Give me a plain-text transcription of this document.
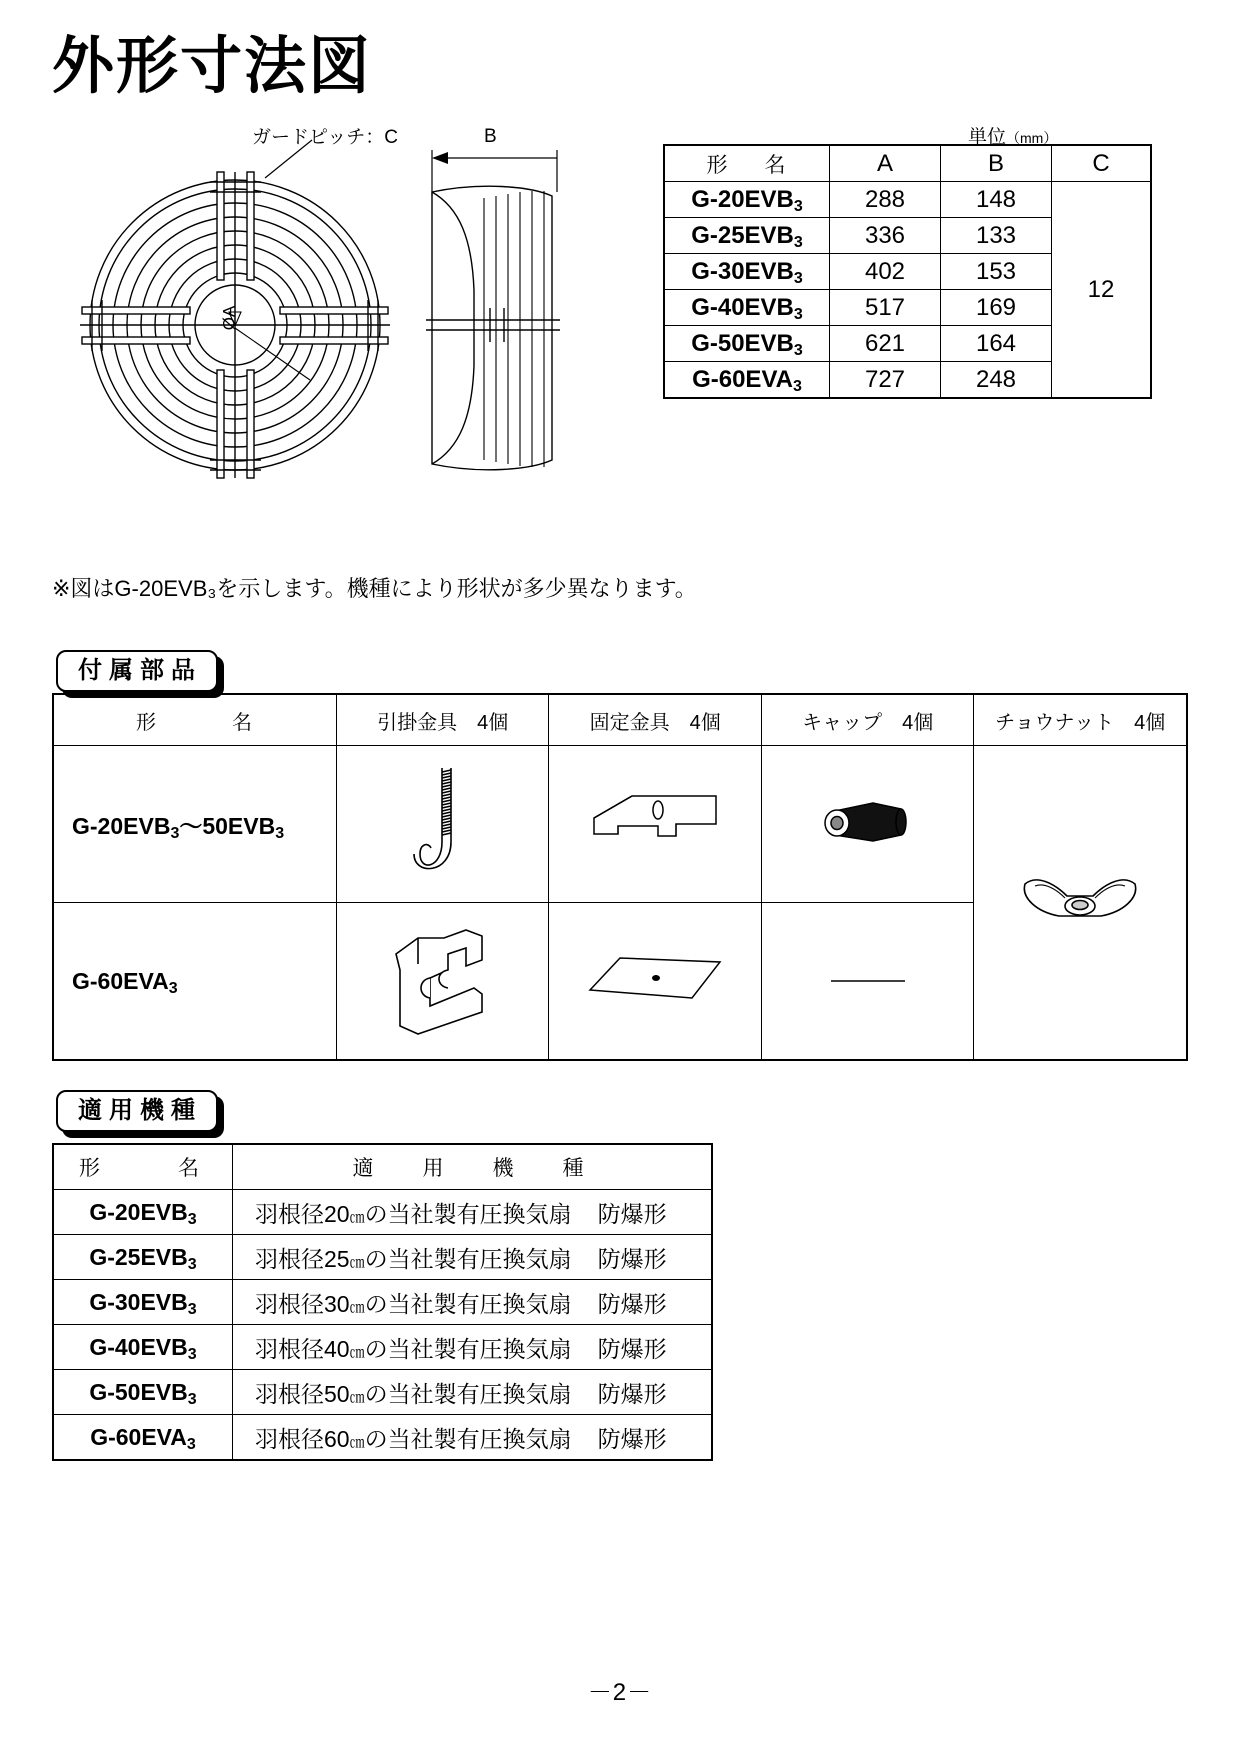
外形寸法図
単位（mm）
形　名	A	B	C
G-20EVB3	288	148	12
G-25EVB3	336	133	
G-30EVB3	402	153	
G-40EVB3	517	169	
G-50EVB3	621	164	
G-60EVA3	727	248	
ガードピッチ：C	B
ØA
※図はG-20EVB₃を示します。機種により形状が多少異なります。
付属部品
形　　名	引掛金具　4個	固定金具　4個	キャップ　4個	チョウナット　4個
G-20EVB3～50EVB3	

G-60EVA3	

適用機種
形　　名	適　用　機　種
G-20EVB3	羽根径20㎝の当社製有圧換気扇 防爆形
G-25EVB3	羽根径25㎝の当社製有圧換気扇 防爆形
G-30EVB3	羽根径30㎝の当社製有圧換気扇 防爆形
G-40EVB3	羽根径40㎝の当社製有圧換気扇 防爆形
G-50EVB3	羽根径50㎝の当社製有圧換気扇 防爆形
G-60EVA3	羽根径60㎝の当社製有圧換気扇 防爆形
－2－
